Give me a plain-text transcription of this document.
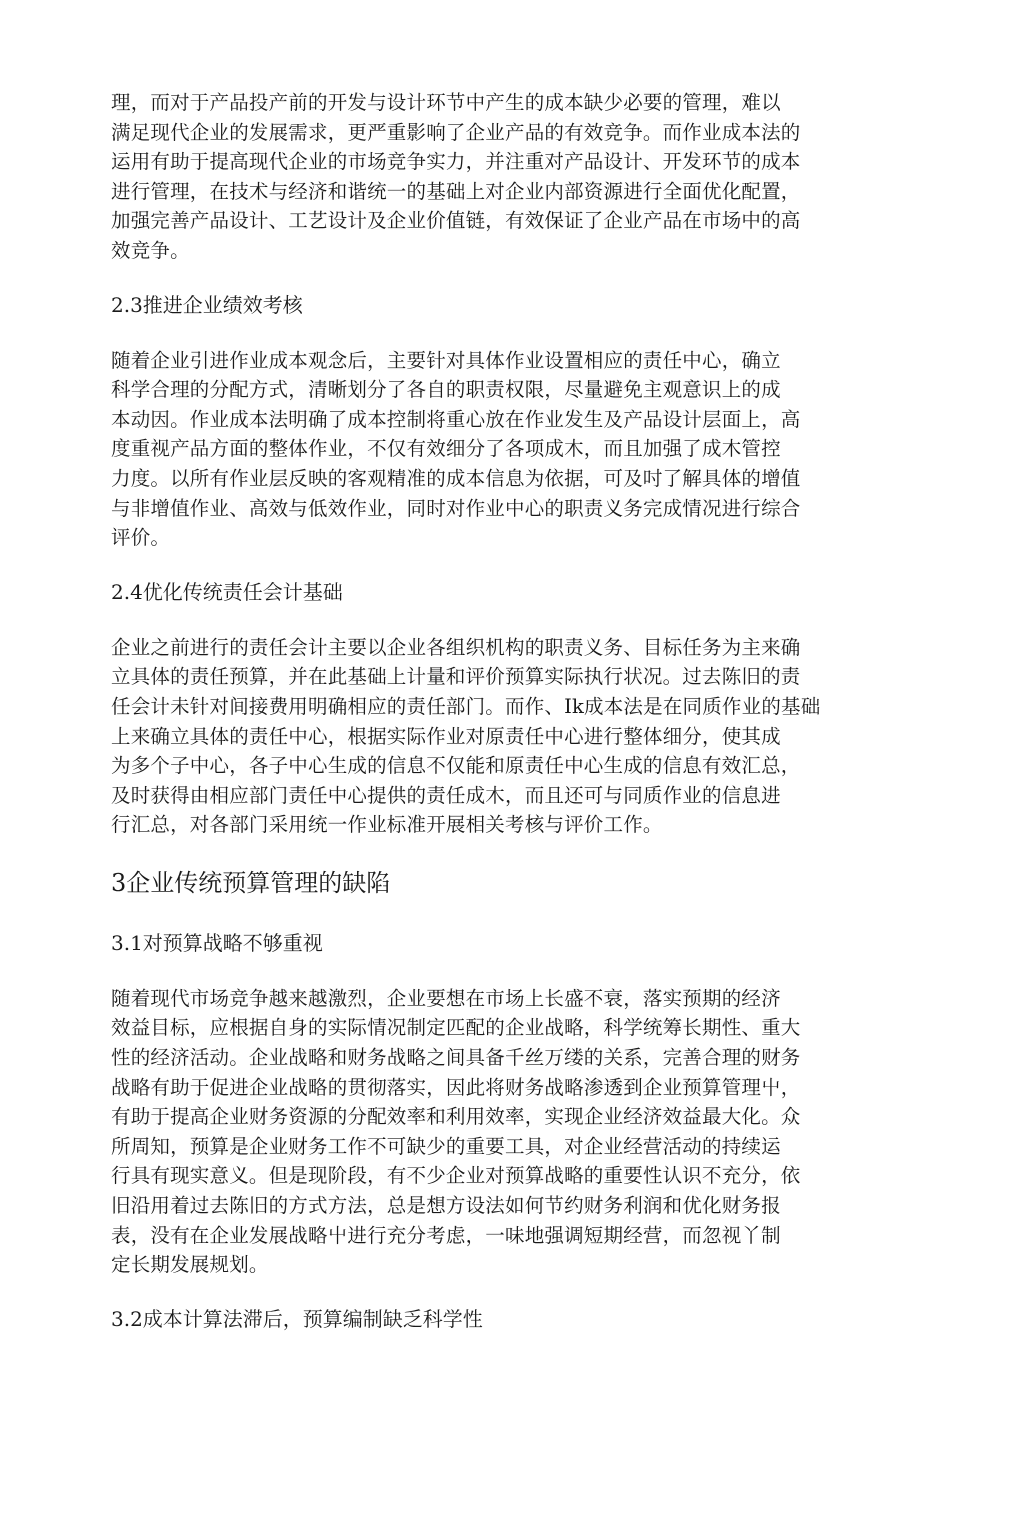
理，而对于产品投产前的开发与设计环节中产生的成本缺少必要的管理，难以
满足现代企业的发展需求，更严重影响了企业产品的有效竞争。而作业成本法的
运用有助于提高现代企业的市场竞争实力，并注重对产品设计、开发环节的成本
进行管理，在技术与经济和谐统一的基础上对企业内部资源进行全面优化配置，
加强完善产品设计、工艺设计及企业价值链，有效保证了企业产品在市场中的高
效竞争。
2.3推进企业绩效考核
随着企业引进作业成本观念后，主要针对具体作业设置相应的责任中心，确立
科学合理的分配方式，清晰划分了各自的职责权限，尽量避免主观意识上的成
本动因。作业成本法明确了成本控制将重心放在作业发生及产品设计层面上，高
度重视产品方面的整体作业，不仅有效细分了各项成木，而且加强了成木管控
力度。以所有作业层反映的客观精准的成本信息为依据，可及吋了解具体的增值
与非增值作业、高效与低效作业，同时对作业中心的职责义务完成情况进行综合
评价。
2.4优化传统责任会计基础
企业之前进行的责任会计主要以企业各组织机构的职责义务、目标任务为主来确
立具体的责任预算，并在此基础上计量和评价预算实际执行状况。过去陈旧的责
任会计未针对间接费用明确相应的责任部门。而作、Ik成本法是在同质作业的基础
上来确立具体的责任中心，根据实际作业对原责任中心进行整体细分，使其成
为多个子中心，各子中心生成的信息不仅能和原责任中心生成的信息有效汇总，
及时获得由相应部门责任中心提供的责任成木，而且还可与同质作业的信息进
行汇总，对各部门采用统一作业标准开展相关考核与评价工作。
3企业传统预算管理的缺陷
3.1对预算战略不够重视
随着现代市场竞争越来越激烈，企业要想在市场上长盛不衰，落实预期的经济
效益目标，应根据自身的实际情况制定匹配的企业战略，科学统筹长期性、重大
性的经济活动。企业战略和财务战略之间具备千丝万缕的关系，完善合理的财务
战略有助于促进企业战略的贯彻落实，因此将财务战略渗透到企业预算管理屮，
有助于提高企业财务资源的分配效率和利用效率，实现企业经济效益最大化。众
所周知，预算是企业财务工作不可缺少的重要工具，对企业经营活动的持续运
行具有现实意义。但是现阶段，有不少企业对预算战略的重要性认识不充分，依
旧沿用着过去陈旧的方式方法，总是想方设法如何节约财务利润和优化财务报
表，没有在企业发展战略屮进行充分考虑，一味地强调短期经营，而忽视丫制
定长期发展规划。
3.2成本计算法滞后，预算编制缺乏科学性
